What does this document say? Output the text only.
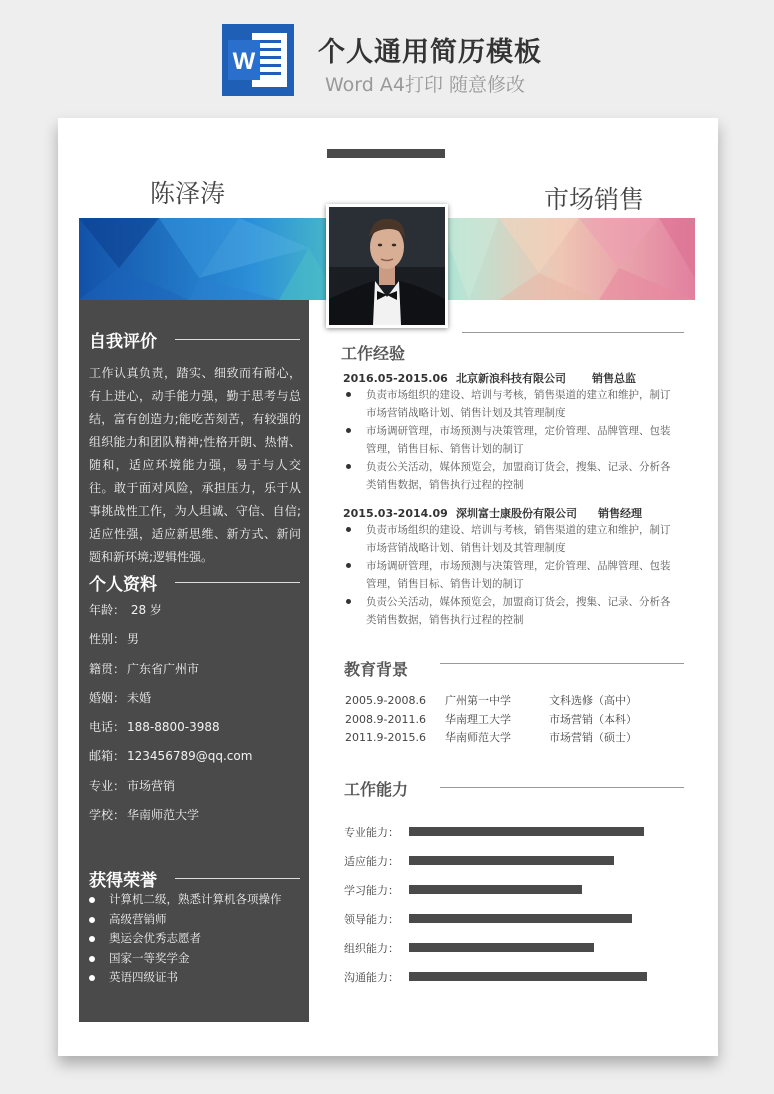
W 个人通用简历模板
Word A4打印 随意修改
陈泽涛	市场销售
自我评价
工作认真负责，踏实、细致而有耐心，有上进心，动手能力强，勤于思考与总结，富有创造力;能吃苦刻苦，有较强的组织能力和团队精神;性格开朗、热情、随和，适应环境能力强，易于与人交往。敢于面对风险，承担压力，乐于从事挑战性工作，为人坦诚、守信、自信;适应性强，适应新思维、新方式、新问题和新环境;逻辑性强。
个人资料
年龄： 28 岁
性别： 男
籍贯： 广东省广州市
婚姻： 未婚
电话： 188-8800-3988
邮箱： 123456789@qq.com
专业： 市场营销
学校： 华南师范大学
获得荣誉
计算机二级，熟悉计算机各项操作
高级营销师
奥运会优秀志愿者
国家一等奖学金
英语四级证书
工作经验
2016.05-2015.06 北京新浪科技有限公司 销售总监
负责市场组织的建设、培训与考核，销售渠道的建立和维护，制订市场营销战略计划、销售计划及其管理制度
市场调研管理，市场预测与决策管理，定价管理、品牌管理、包装管理，销售目标、销售计划的制订
负责公关活动，媒体预览会，加盟商订货会，搜集、记录、分析各类销售数据，销售执行过程的控制
2015.03-2014.09 深圳富士康股份有限公司 销售经理
负责市场组织的建设、培训与考核，销售渠道的建立和维护，制订市场营销战略计划、销售计划及其管理制度
市场调研管理，市场预测与决策管理，定价管理、品牌管理、包装管理，销售目标、销售计划的制订
负责公关活动，媒体预览会，加盟商订货会，搜集、记录、分析各类销售数据，销售执行过程的控制
教育背景
2005.9-2008.6 广州第一中学	文科选修（高中）
2008.9-2011.6 华南理工大学	市场营销（本科）
2011.9-2015.6 华南师范大学	市场营销（硕士）
工作能力
专业能力：
适应能力：
学习能力：
领导能力：
组织能力：
沟通能力：
